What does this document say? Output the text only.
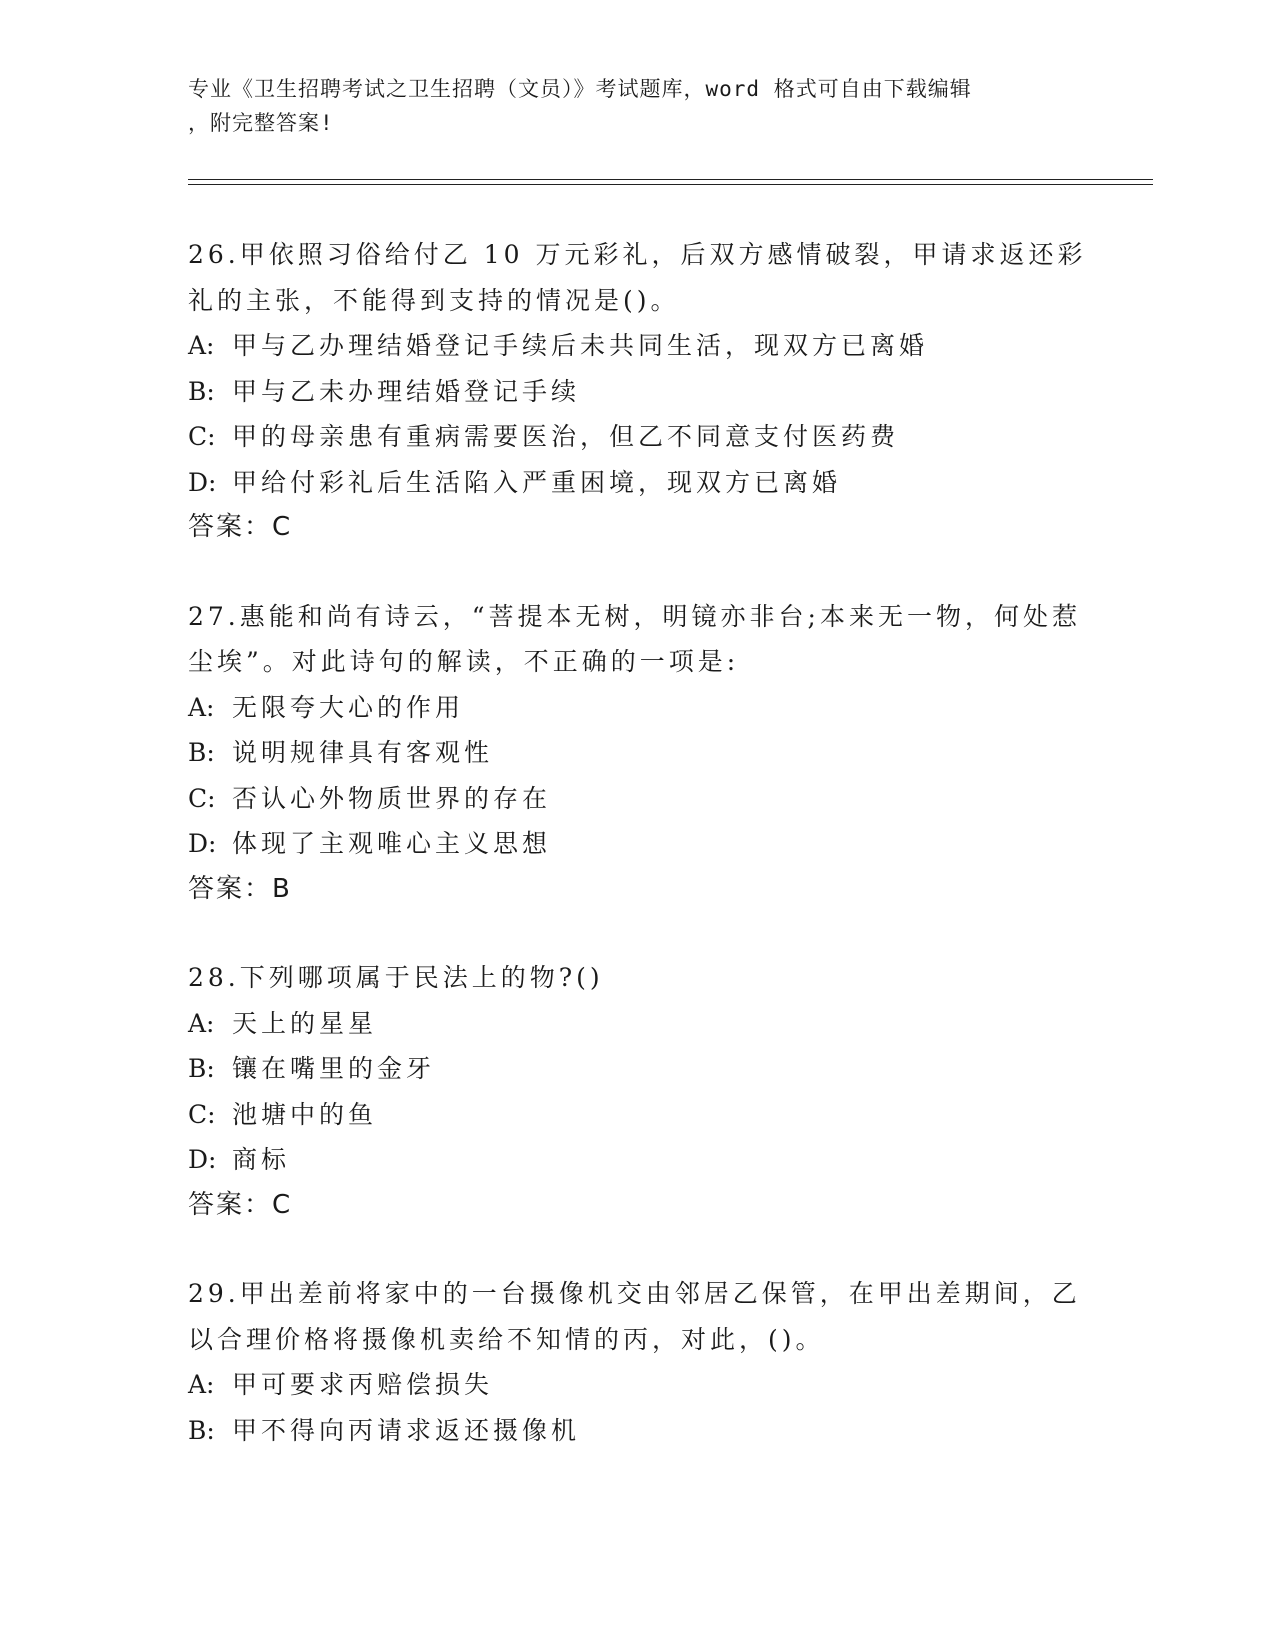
专业《卫生招聘考试之卫生招聘（文员）》考试题库，word 格式可自由下载编辑
，附完整答案!
26.甲依照习俗给付乙 10 万元彩礼，后双方感情破裂，甲请求返还彩礼的主张，不能得到支持的情况是()。
A: 甲与乙办理结婚登记手续后未共同生活，现双方已离婚
B: 甲与乙未办理结婚登记手续
C: 甲的母亲患有重病需要医治，但乙不同意支付医药费
D: 甲给付彩礼后生活陷入严重困境，现双方已离婚
答案：C
27.惠能和尚有诗云，“菩提本无树，明镜亦非台;本来无一物，何处惹尘埃”。对此诗句的解读，不正确的一项是:
A: 无限夸大心的作用
B: 说明规律具有客观性
C: 否认心外物质世界的存在
D: 体现了主观唯心主义思想
答案：B
28.下列哪项属于民法上的物?()
A: 天上的星星
B: 镶在嘴里的金牙
C: 池塘中的鱼
D: 商标
答案：C
29.甲出差前将家中的一台摄像机交由邻居乙保管，在甲出差期间，乙以合理价格将摄像机卖给不知情的丙，对此，()。
A: 甲可要求丙赔偿损失
B: 甲不得向丙请求返还摄像机
